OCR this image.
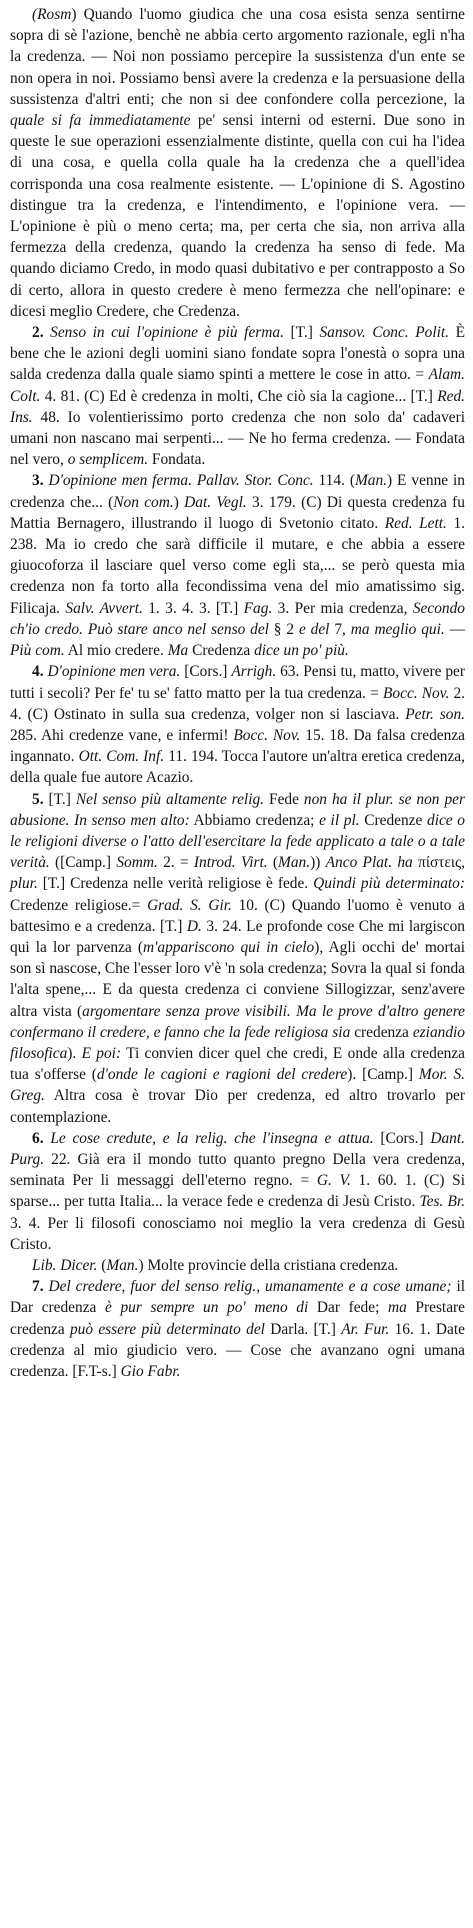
(Rosm) Quando l'uomo giudica che una cosa esista senza sentirne sopra di sè l'azione, benchè ne abbia certo argomento razionale, egli n'ha la credenza. — Noi non possiamo percepire la sussistenza d'un ente se non opera in noi. Possiamo bensì avere la credenza e la persuasione della sussistenza d'altri enti; che non si dee confondere colla percezione, la quale si fa immediatamente pe' sensi interni od esterni. Due sono in queste le sue operazioni essenzialmente distinte, quella con cui ha l'idea di una cosa, e quella colla quale ha la credenza che a quell'idea corrisponda una cosa realmente esistente. — L'opinione di S. Agostino distingue tra la credenza, e l'intendimento, e l'opinione vera. — L'opinione è più o meno certa; ma, per certa che sia, non arriva alla fermezza della credenza, quando la credenza ha senso di fede. Ma quando diciamo Credo, in modo quasi dubitativo e per contrapposto a So di certo, allora in questo credere è meno fermezza che nell'opinare: e dicesi meglio Credere, che Credenza.

2. Senso in cui l'opinione è più ferma. [T.] Sansov. Conc. Polit. È bene che le azioni degli uomini siano fondate sopra l'onestà o sopra una salda credenza dalla quale siamo spinti a mettere le cose in atto. = Alam. Colt. 4. 81. (C) Ed è credenza in molti, Che ciò sia la cagione... [T.] Red. Ins. 48. Io volentierissimo porto credenza che non solo da' cadaveri umani non nascano mai serpenti... — Ne ho ferma credenza. — Fondata nel vero, o semplicem. Fondata.

3. D'opinione men ferma. Pallav. Stor. Conc. 114. (Man.) E venne in credenza che... (Non com.) Dat. Vegl. 3. 179. (C) Di questa credenza fu Mattia Bernagero, illustrando il luogo di Svetonio citato. Red. Lett. 1. 238. Ma io credo che sarà difficile il mutare, e che abbia a essere giuocoforza il lasciare quel verso come egli sta,... se però questa mia credenza non fa torto alla fecondissima vena del mio amatissimo sig. Filicaja. Salv. Avvert. 1. 3. 4. 3. [T.] Fag. 3. Per mia credenza, Secondo ch'io credo. Può stare anco nel senso del § 2 e del 7, ma meglio qui. — Più com. Al mio credere. Ma Credenza dice un po' più.

4. D'opinione men vera. [Cors.] Arrigh. 63. Pensi tu, matto, vivere per tutti i secoli? Per fe' tu se' fatto matto per la tua credenza. = Bocc. Nov. 2. 4. (C) Ostinato in sulla sua credenza, volger non si lasciava. Petr. son. 285. Ahi credenze vane, e infermi! Bocc. Nov. 15. 18. Da falsa credenza ingannato. Ott. Com. Inf. 11. 194. Tocca l'autore un'altra eretica credenza, della quale fue autore Acazio.

5. [T.] Nel senso più altamente relig. Fede non ha il plur. se non per abusione. In senso men alto: Abbiamo credenza; e il pl. Credenze dice o le religioni diverse o l'atto dell'esercitare la fede applicato a tale o a tale verità. ([Camp.] Somm. 2. = Introd. Virt. (Man.)) Anco Plat. ha πίστεις, plur. [T.] Credenza nelle verità religiose è fede. Quindi più determinato: Credenze religiose.= Grad. S. Gir. 10. (C) Quando l'uomo è venuto a battesimo e a credenza. [T.] D. 3. 24. Le profonde cose Che mi largiscon qui la lor parvenza (m'appariscono qui in cielo), Agli occhi de' mortai son sì nascose, Che l'esser loro v'è 'n sola credenza; Sovra la qual si fonda l'alta spene,... E da questa credenza ci conviene Sillogizzar, senz'avere altra vista (argomentare senza prove visibili. Ma le prove d'altro genere confermano il credere, e fanno che la fede religiosa sia credenza eziandio filosofica). E poi: Ti convien dicer quel che credi, E onde alla credenza tua s'offerse (d'onde le cagioni e ragioni del credere). [Camp.] Mor. S. Greg. Altra cosa è trovar Dio per credenza, ed altro trovarlo per contemplazione.

6. Le cose credute, e la relig. che l'insegna e attua. [Cors.] Dant. Purg. 22. Già era il mondo tutto quanto pregno Della vera credenza, seminata Per li messaggi dell'eterno regno. = G. V. 1. 60. 1. (C) Si sparse... per tutta Italia... la verace fede e credenza di Jesù Cristo. Tes. Br. 3. 4. Per li filosofi conosciamo noi meglio la vera credenza di Gesù Cristo.

Lib. Dicer. (Man.) Molte provincie della cristiana credenza.

7. Del credere, fuor del senso relig., umanamente e a cose umane; il Dar credenza è pur sempre un po' meno di Dar fede; ma Prestare credenza può essere più determinato del Darla. [T.] Ar. Fur. 16. 1. Date credenza al mio giudicio vero. — Cose che avanzano ogni umana credenza. [F.T-s.] Gio Fabr.
